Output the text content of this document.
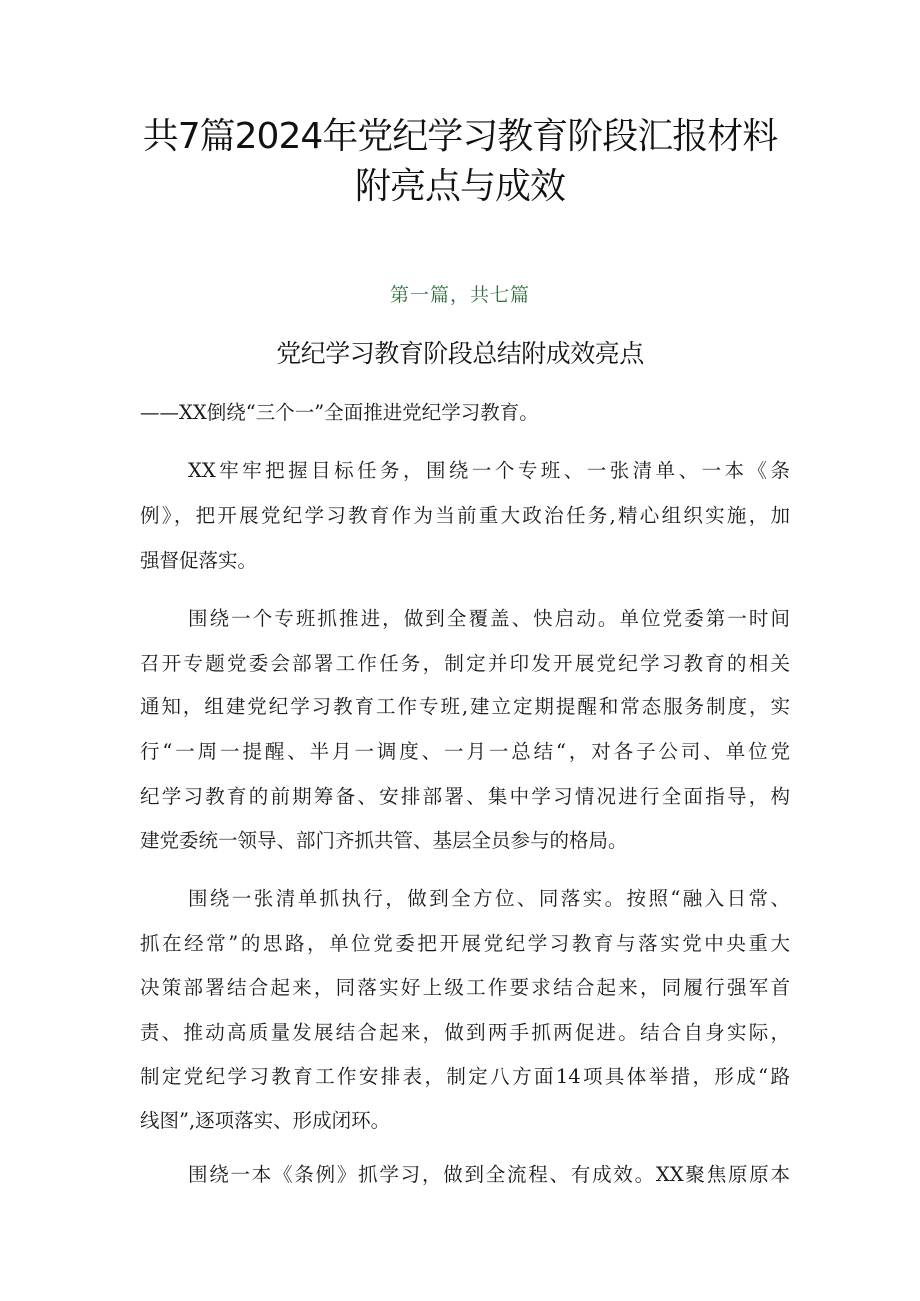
共7篇2024年党纪学习教育阶段汇报材料
附亮点与成效
第一篇，共七篇
党纪学习教育阶段总结附成效亮点
——XX倒绕“三个一”全面推进党纪学习教育。
XX牢牢把握目标任务，围绕一个专班、一张清单、一本《条
例》，把开展党纪学习教育作为当前重大政治任务,精心组织实施，加
强督促落实。
围绕一个专班抓推进，做到全覆盖、快启动。单位党委第一时间
召开专题党委会部署工作任务，制定并印发开展党纪学习教育的相关
通知，组建党纪学习教育工作专班,建立定期提醒和常态服务制度，实
行“一周一提醒、半月一调度、一月一总结“，对各子公司、单位党
纪学习教育的前期筹备、安排部署、集中学习情况进行全面指导，构
建党委统一领导、部门齐抓共管、基层全员参与的格局。
围绕一张清单抓执行，做到全方位、同落实。按照“融入日常、
抓在经常”的思路，单位党委把开展党纪学习教育与落实党中央重大
决策部署结合起来，同落实好上级工作要求结合起来，同履行强军首
责、推动高质量发展结合起来，做到两手抓两促进。结合自身实际，
制定党纪学习教育工作安排表，制定八方面14项具体举措，形成“路
线图”,逐项落实、形成闭环。
围绕一本《条例》抓学习，做到全流程、有成效。XX聚焦原原本
